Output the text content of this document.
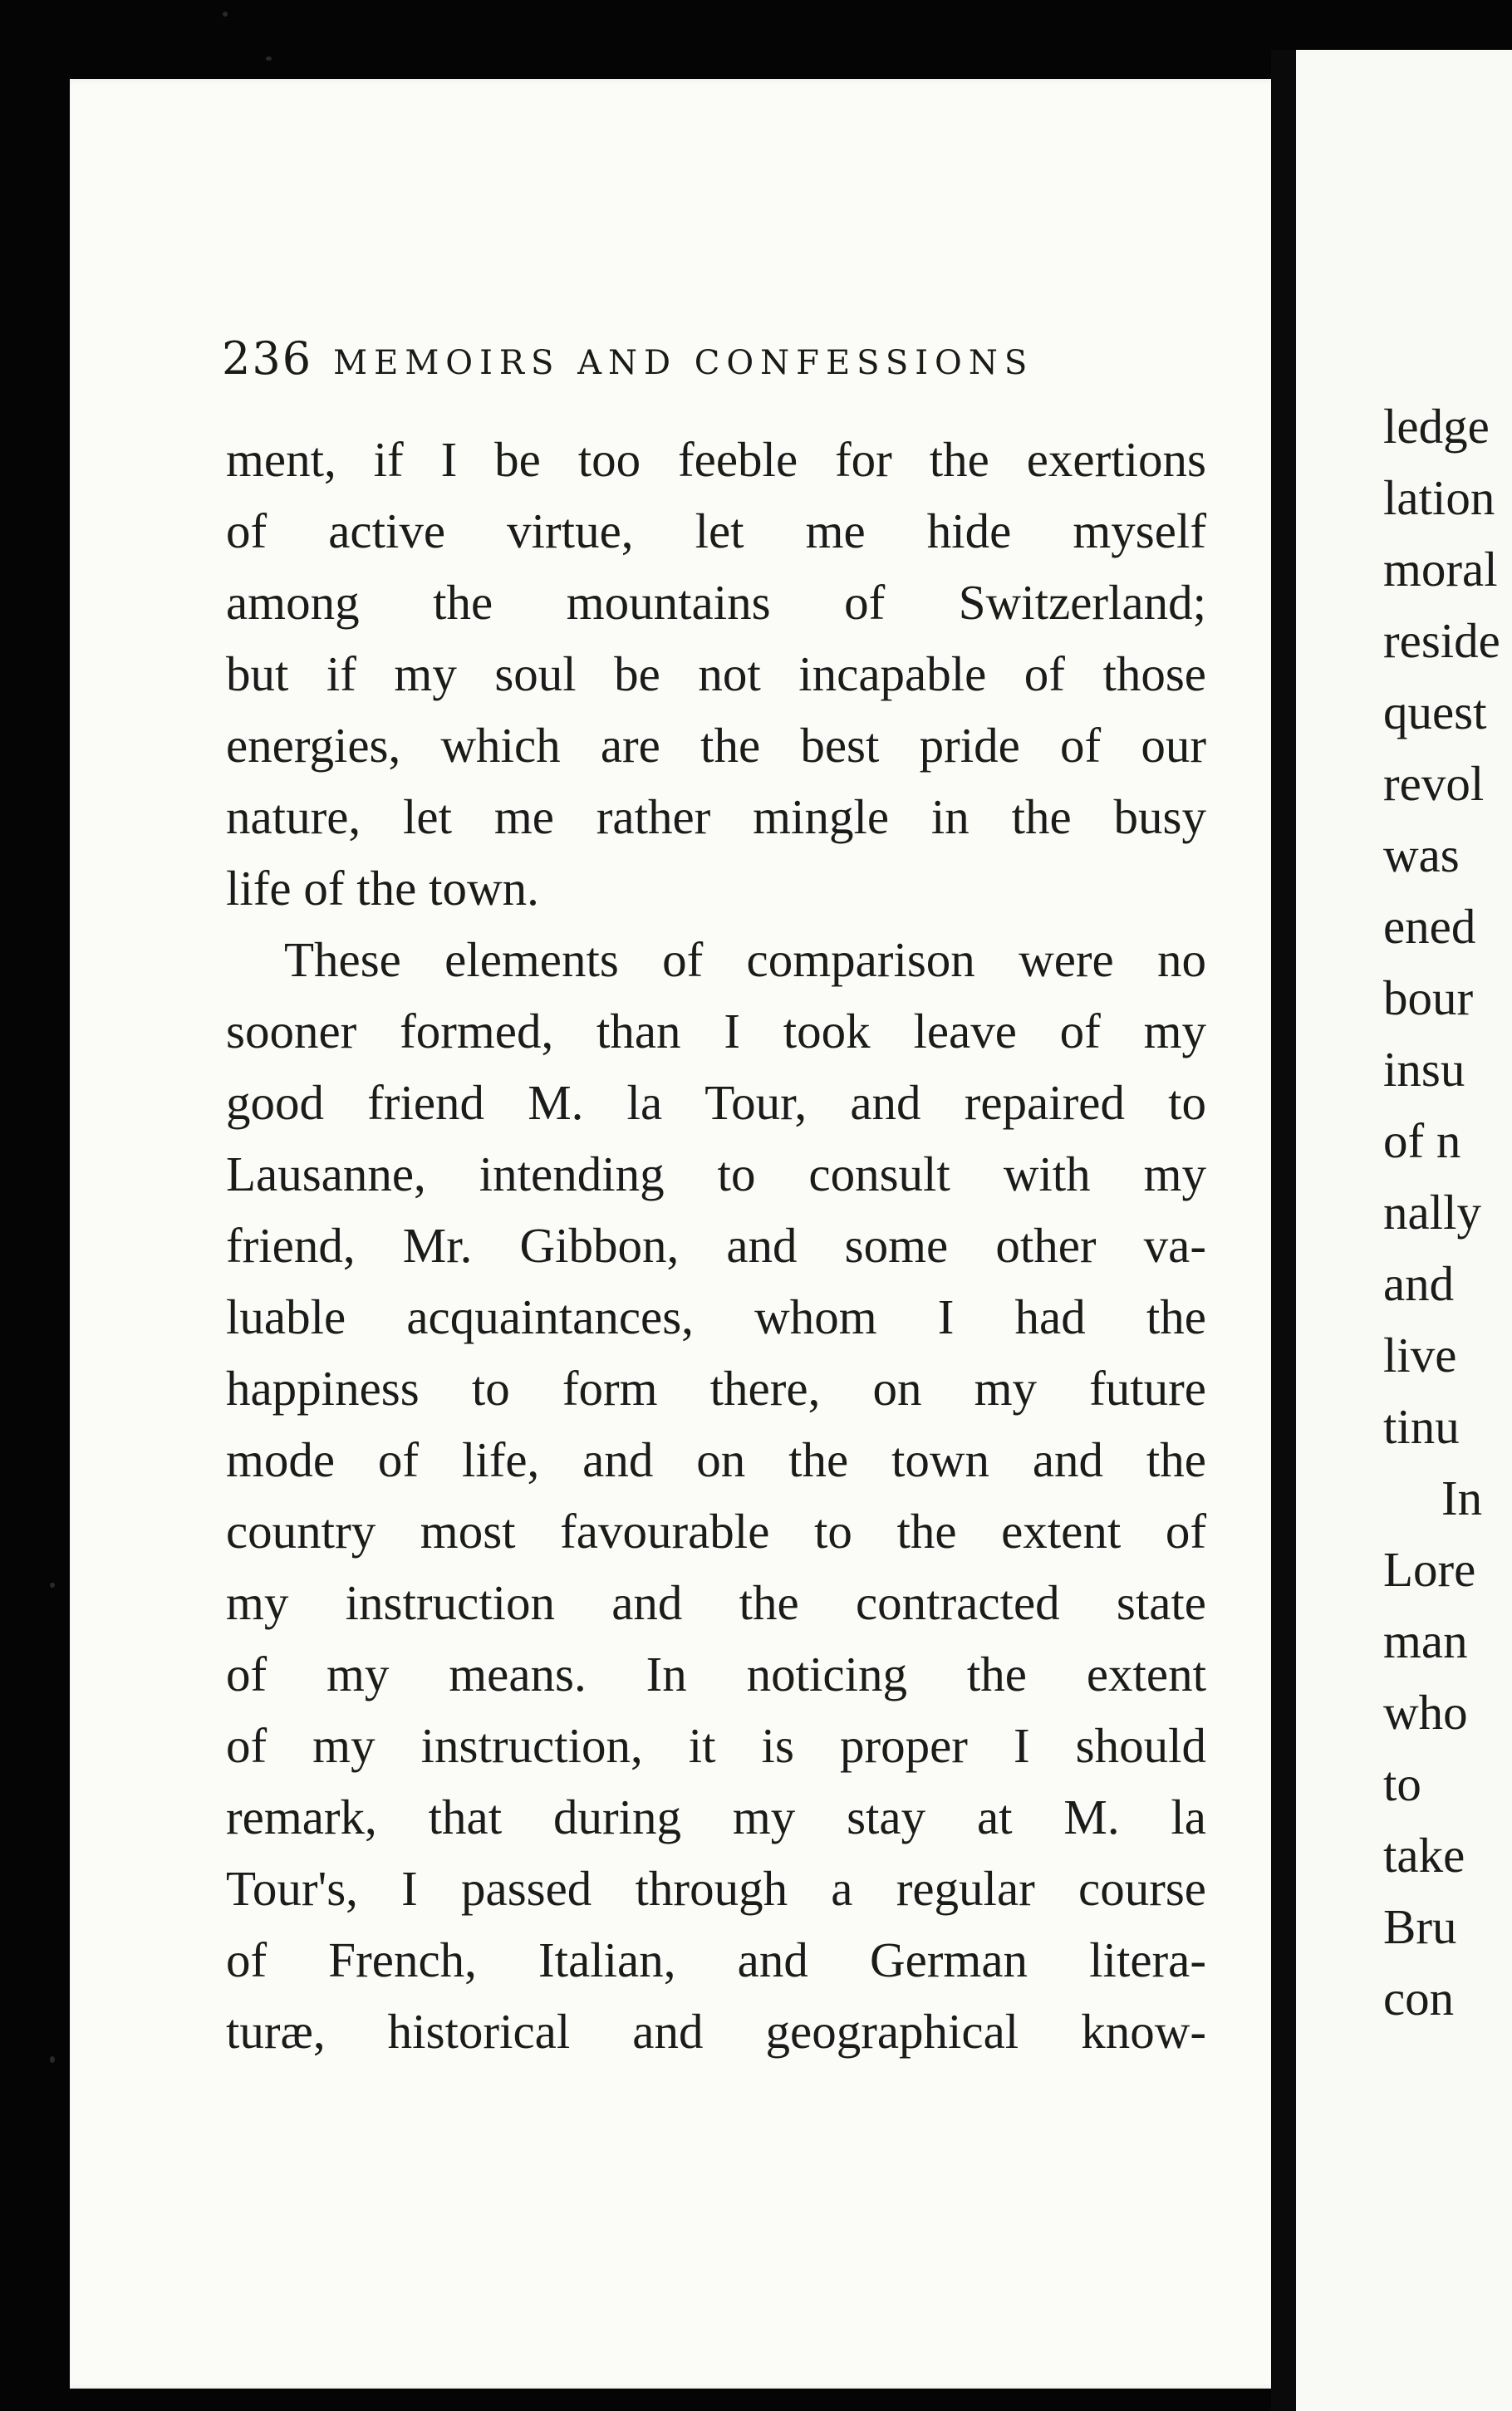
ledge
lation
moral
reside
quest
revol
was
ened
bour
insu
of n
nally
and
live
tinu
In
Lore
man
who
to
take
Bru
con
236 MEMOIRS AND CONFESSIONS
ment, if I be too feeble for the exertions
of active virtue, let me hide myself
among the mountains of Switzerland;
but if my soul be not incapable of those
energies, which are the best pride of our
nature, let me rather mingle in the busy
life of the town.
These elements of comparison were no
sooner formed, than I took leave of my
good friend M. la Tour, and repaired to
Lausanne, intending to consult with my
friend, Mr. Gibbon, and some other va-
luable acquaintances, whom I had the
happiness to form there, on my future
mode of life, and on the town and the
country most favourable to the extent of
my instruction and the contracted state
of my means. In noticing the extent
of my instruction, it is proper I should
remark, that during my stay at M. la
Tour's, I passed through a regular course
of French, Italian, and German litera-
turæ, historical and geographical know-
